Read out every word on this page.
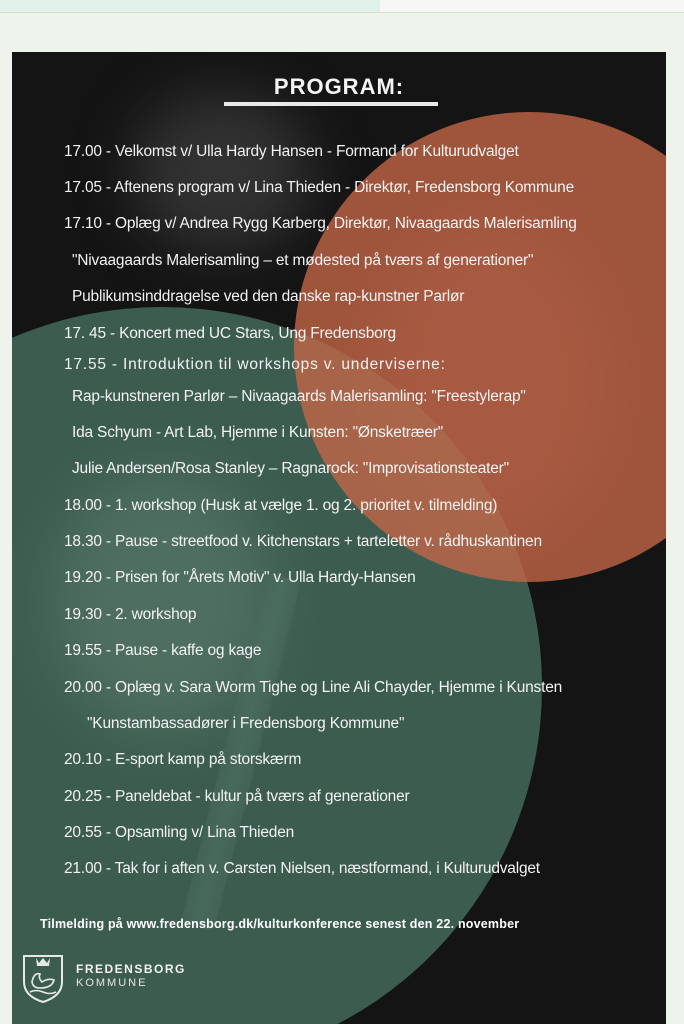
PROGRAM:
17.00 - Velkomst v/ Ulla Hardy Hansen - Formand for Kulturudvalget
17.05 - Aftenens program v/ Lina Thieden - Direktør, Fredensborg Kommune
17.10 - Oplæg v/ Andrea Rygg Karberg, Direktør, Nivaagaards Malerisamling
"Nivaagaards Malerisamling – et mødested på tværs af generationer"
Publikumsinddragelse ved den danske rap-kunstner Parlør
17. 45 - Koncert med UC Stars, Ung Fredensborg
17.55 - Introduktion til workshops v. underviserne:
Rap-kunstneren Parlør – Nivaagaards Malerisamling: "Freestylerap"
Ida Schyum - Art Lab, Hjemme i Kunsten: "Ønsketræer"
Julie Andersen/Rosa Stanley – Ragnarock: "Improvisationsteater"
18.00 - 1. workshop (Husk at vælge 1. og 2. prioritet v. tilmelding)
18.30 - Pause - streetfood v. Kitchenstars + tarteletter v. rådhuskantinen
19.20 - Prisen for "Årets Motiv" v. Ulla Hardy-Hansen
19.30 - 2. workshop
19.55 - Pause - kaffe og kage
20.00 - Oplæg v. Sara Worm Tighe og Line Ali Chayder, Hjemme i Kunsten
"Kunstambassadører i Fredensborg Kommune"
20.10 - E-sport kamp på storskærm
20.25 - Paneldebat - kultur på tværs af generationer
20.55 - Opsamling v/ Lina Thieden
21.00 - Tak for i aften v. Carsten Nielsen, næstformand, i Kulturudvalget
Tilmelding på www.fredensborg.dk/kulturkonference senest den 22. november
FREDENSBORG
KOMMUNE
